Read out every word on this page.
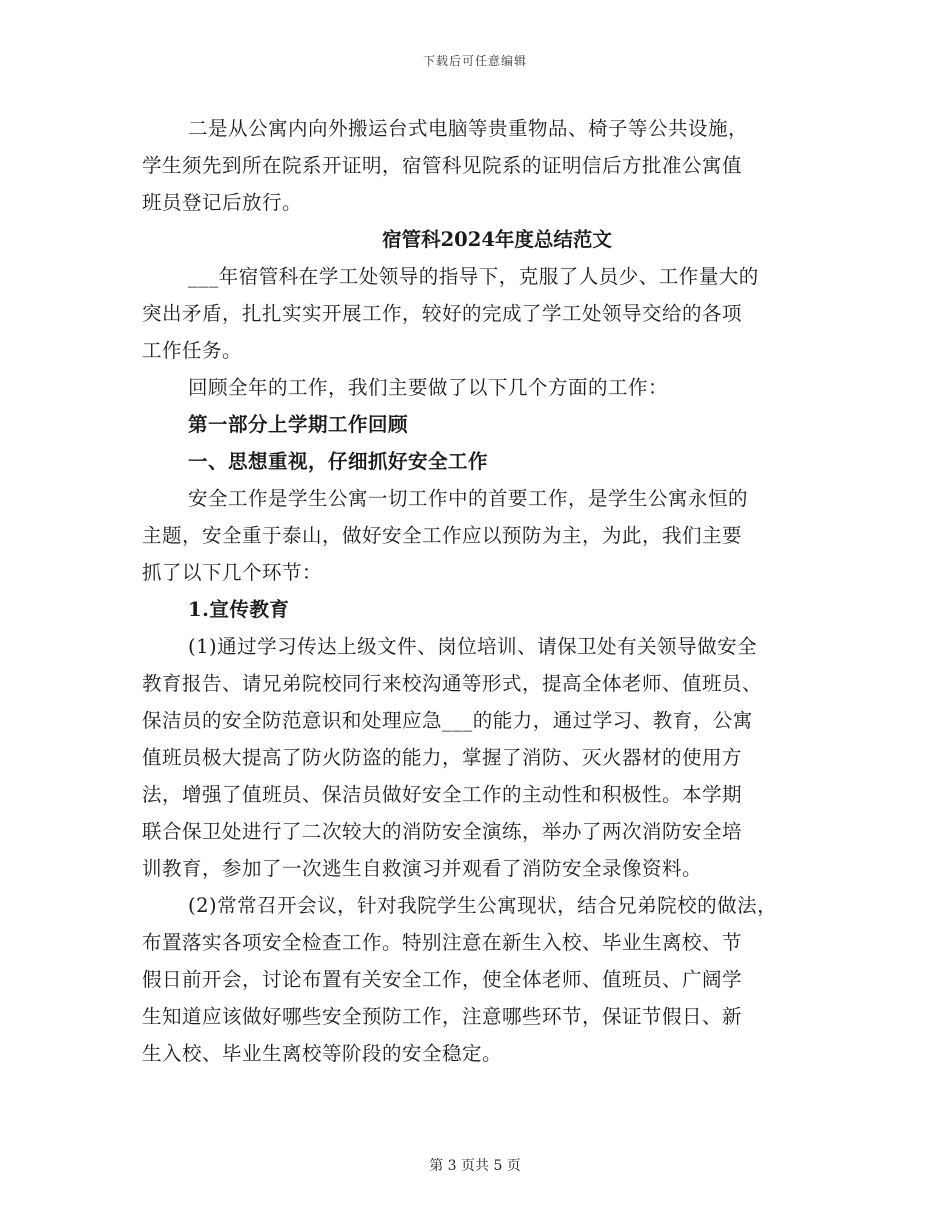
下载后可任意编辑
二是从公寓内向外搬运台式电脑等贵重物品、椅子等公共设施，
学生须先到所在院系开证明，宿管科见院系的证明信后方批准公寓值
班员登记后放行。
宿管科2024年度总结范文
___年宿管科在学工处领导的指导下，克服了人员少、工作量大的
突出矛盾，扎扎实实开展工作，较好的完成了学工处领导交给的各项
工作任务。
回顾全年的工作，我们主要做了以下几个方面的工作：
第一部分上学期工作回顾
一、思想重视，仔细抓好安全工作
安全工作是学生公寓一切工作中的首要工作，是学生公寓永恒的
主题，安全重于泰山，做好安全工作应以预防为主，为此，我们主要
抓了以下几个环节：
1.宣传教育
(1)通过学习传达上级文件、岗位培训、请保卫处有关领导做安全
教育报告、请兄弟院校同行来校沟通等形式，提高全体老师、值班员、
保洁员的安全防范意识和处理应急___的能力，通过学习、教育，公寓
值班员极大提高了防火防盗的能力，掌握了消防、灭火器材的使用方
法，增强了值班员、保洁员做好安全工作的主动性和积极性。本学期
联合保卫处进行了二次较大的消防安全演练，举办了两次消防安全培
训教育，参加了一次逃生自救演习并观看了消防安全录像资料。
(2)常常召开会议，针对我院学生公寓现状，结合兄弟院校的做法，
布置落实各项安全检查工作。特别注意在新生入校、毕业生离校、节
假日前开会，讨论布置有关安全工作，使全体老师、值班员、广阔学
生知道应该做好哪些安全预防工作，注意哪些环节，保证节假日、新
生入校、毕业生离校等阶段的安全稳定。
第 3 页共 5 页
